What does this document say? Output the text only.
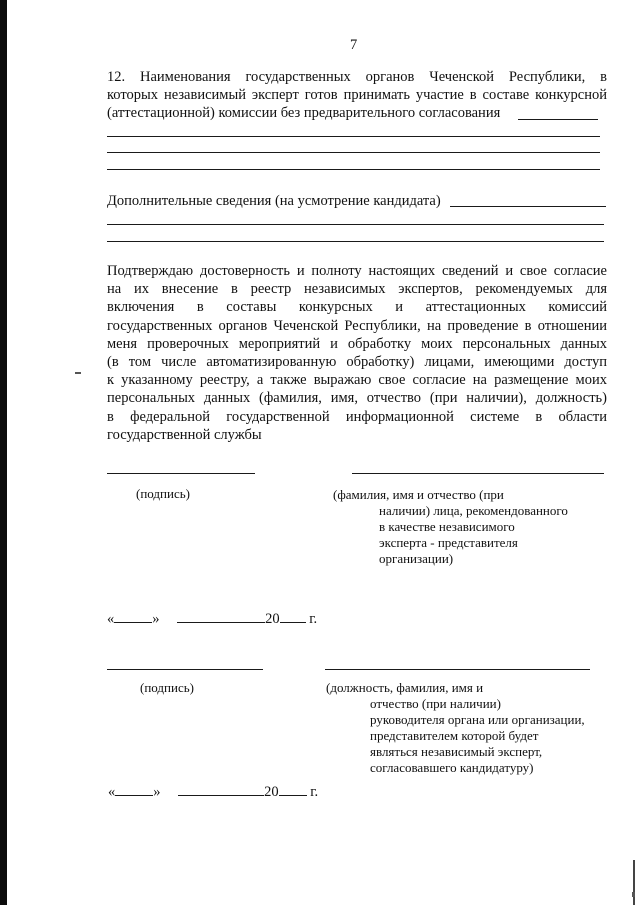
7
12. Наименования государственных органов Чеченской Республики, в
которых независимый эксперт готов принимать участие в составе конкурсной
(аттестационной) комиссии без предварительного согласования
Дополнительные сведения (на усмотрение кандидата)
Подтверждаю достоверность и полноту настоящих сведений и свое согласие
на их внесение в реестр независимых экспертов, рекомендуемых для
включения в составы конкурсных и аттестационных комиссий
государственных органов Чеченской Республики, на проведение в отношении
меня проверочных мероприятий и обработку моих персональных данных
(в том числе автоматизированную обработку) лицами, имеющими доступ
к указанному реестру, а также выражаю свое согласие на размещение моих
персональных данных (фамилия, имя, отчество (при наличии), должность)
в федеральной государственной информационной системе в области
государственной службы
(подпись)	(фамилия, имя и отчество (при
наличии) лица, рекомендованного
в качестве независимого
эксперта - представителя
организации)
«	»	20 г.
(подпись)	(должность, фамилия, имя и
отчество (при наличии)
руководителя органа или организации,
представителем которой будет
являться независимый эксперт,
согласовавшего кандидатуру)
«	»	20 г.
